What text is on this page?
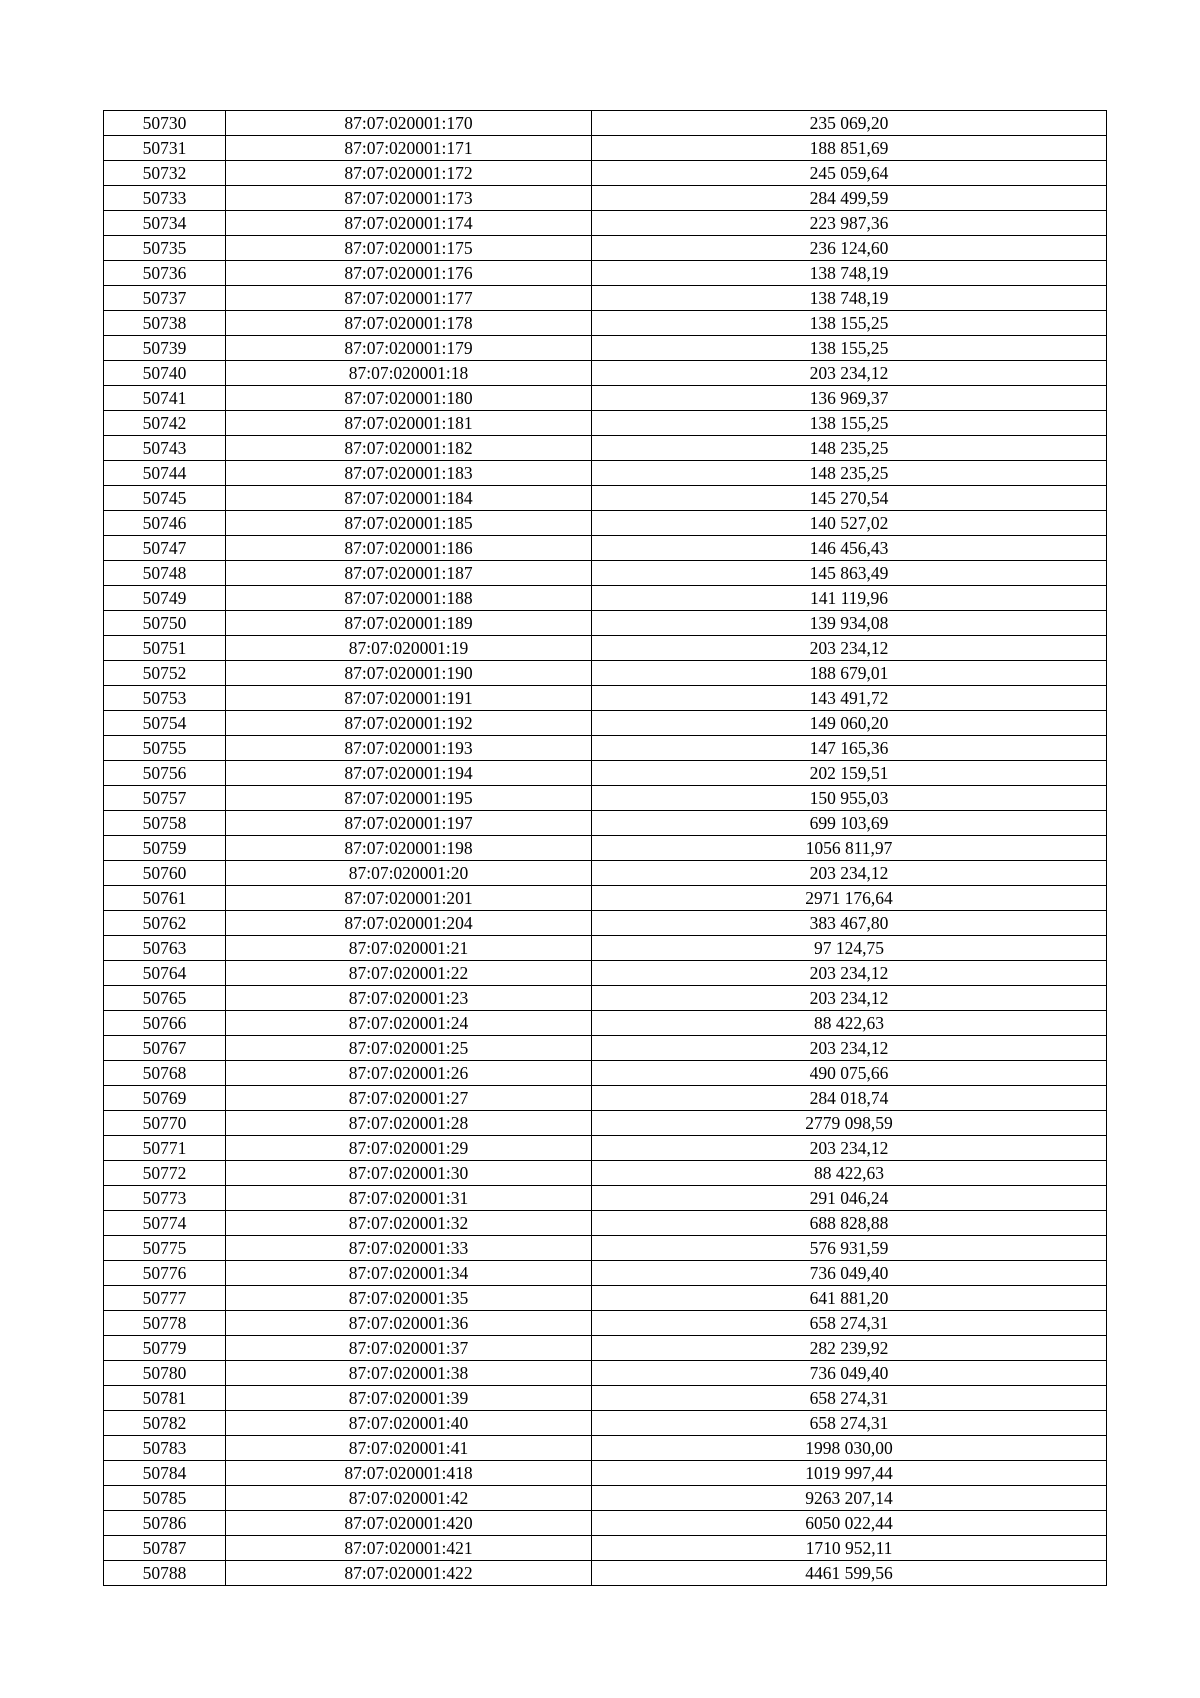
50730	87:07:020001:170	235 069,20
50731	87:07:020001:171	188 851,69
50732	87:07:020001:172	245 059,64
50733	87:07:020001:173	284 499,59
50734	87:07:020001:174	223 987,36
50735	87:07:020001:175	236 124,60
50736	87:07:020001:176	138 748,19
50737	87:07:020001:177	138 748,19
50738	87:07:020001:178	138 155,25
50739	87:07:020001:179	138 155,25
50740	87:07:020001:18	203 234,12
50741	87:07:020001:180	136 969,37
50742	87:07:020001:181	138 155,25
50743	87:07:020001:182	148 235,25
50744	87:07:020001:183	148 235,25
50745	87:07:020001:184	145 270,54
50746	87:07:020001:185	140 527,02
50747	87:07:020001:186	146 456,43
50748	87:07:020001:187	145 863,49
50749	87:07:020001:188	141 119,96
50750	87:07:020001:189	139 934,08
50751	87:07:020001:19	203 234,12
50752	87:07:020001:190	188 679,01
50753	87:07:020001:191	143 491,72
50754	87:07:020001:192	149 060,20
50755	87:07:020001:193	147 165,36
50756	87:07:020001:194	202 159,51
50757	87:07:020001:195	150 955,03
50758	87:07:020001:197	699 103,69
50759	87:07:020001:198	1056 811,97
50760	87:07:020001:20	203 234,12
50761	87:07:020001:201	2971 176,64
50762	87:07:020001:204	383 467,80
50763	87:07:020001:21	97 124,75
50764	87:07:020001:22	203 234,12
50765	87:07:020001:23	203 234,12
50766	87:07:020001:24	88 422,63
50767	87:07:020001:25	203 234,12
50768	87:07:020001:26	490 075,66
50769	87:07:020001:27	284 018,74
50770	87:07:020001:28	2779 098,59
50771	87:07:020001:29	203 234,12
50772	87:07:020001:30	88 422,63
50773	87:07:020001:31	291 046,24
50774	87:07:020001:32	688 828,88
50775	87:07:020001:33	576 931,59
50776	87:07:020001:34	736 049,40
50777	87:07:020001:35	641 881,20
50778	87:07:020001:36	658 274,31
50779	87:07:020001:37	282 239,92
50780	87:07:020001:38	736 049,40
50781	87:07:020001:39	658 274,31
50782	87:07:020001:40	658 274,31
50783	87:07:020001:41	1998 030,00
50784	87:07:020001:418	1019 997,44
50785	87:07:020001:42	9263 207,14
50786	87:07:020001:420	6050 022,44
50787	87:07:020001:421	1710 952,11
50788	87:07:020001:422	4461 599,56
